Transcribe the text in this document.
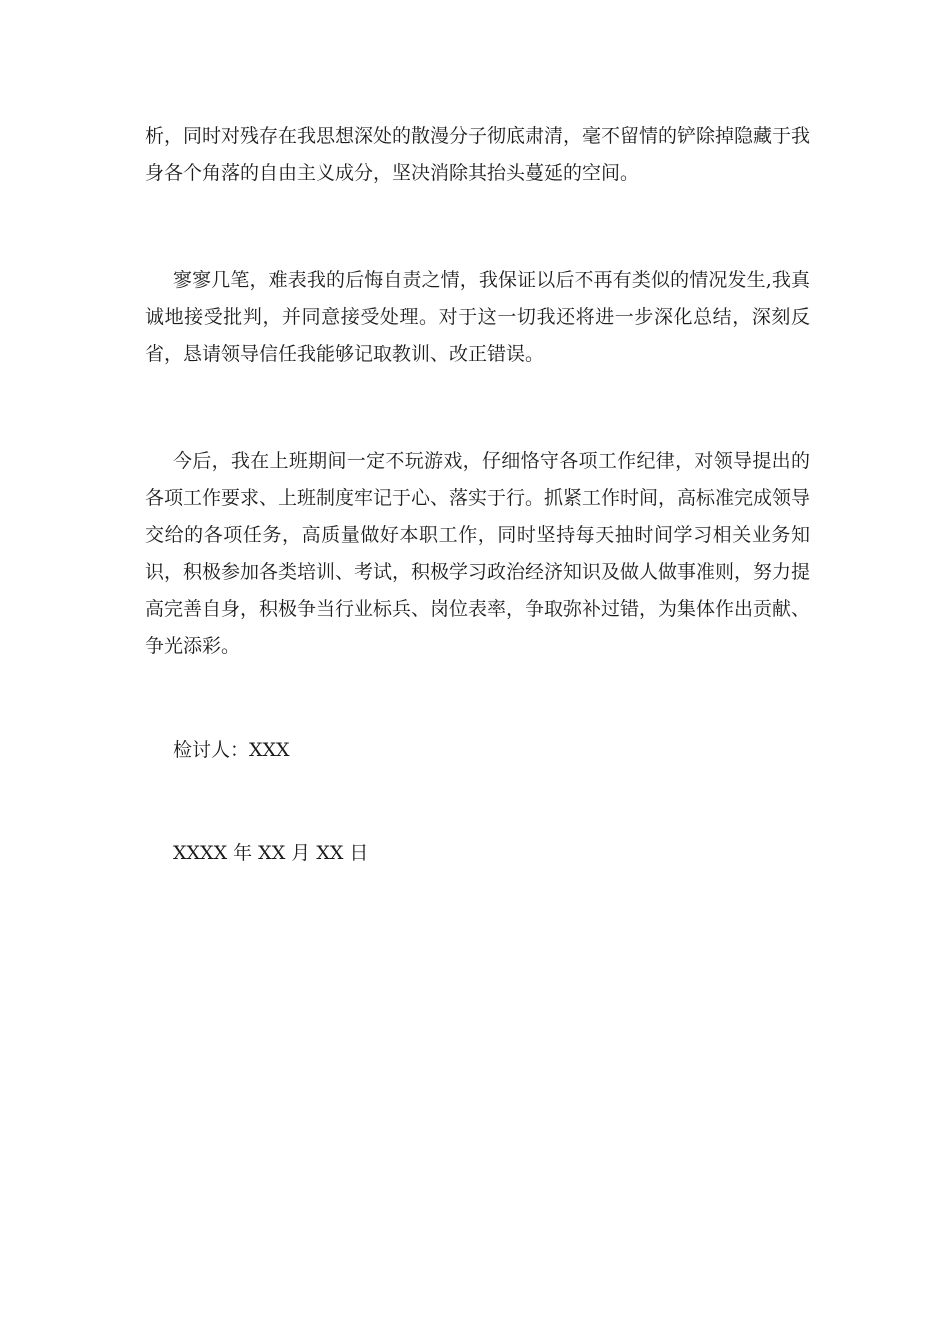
析，同时对残存在我思想深处的散漫分子彻底肃清，毫不留情的铲除掉隐藏于我身各个角落的自由主义成分，坚决消除其抬头蔓延的空间。

寥寥几笔，难表我的后悔自责之情，我保证以后不再有类似的情况发生,我真诚地接受批判，并同意接受处理。对于这一切我还将进一步深化总结，深刻反省，恳请领导信任我能够记取教训、改正错误。

今后，我在上班期间一定不玩游戏，仔细恪守各项工作纪律，对领导提出的各项工作要求、上班制度牢记于心、落实于行。抓紧工作时间，高标准完成领导交给的各项任务，高质量做好本职工作，同时坚持每天抽时间学习相关业务知识，积极参加各类培训、考试，积极学习政治经济知识及做人做事准则，努力提高完善自身，积极争当行业标兵、岗位表率，争取弥补过错，为集体作出贡献、争光添彩。

检讨人：XXX

XXXX 年 XX 月 XX 日
